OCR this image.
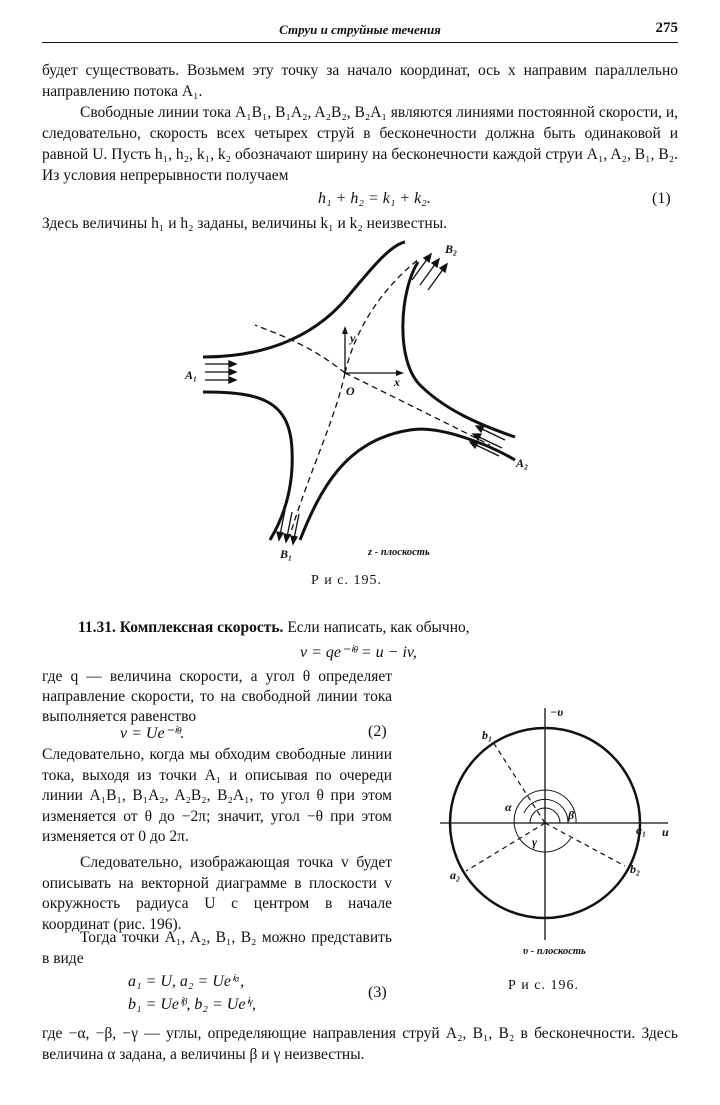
Струи и струйные течения	275

будет существовать. Возьмем эту точку за начало координат, ось x направим параллельно направлению потока A₁.

Свободные линии тока A₁B₁, B₁A₂, A₂B₂, B₂A₁ являются линиями постоянной скорости, и, следовательно, скорость всех четырех струй в бесконечности должна быть одинаковой и равной U. Пусть h₁, h₂, k₁, k₂ обозначают ширину на бесконечности каждой струи A₁, A₂, B₁, B₂. Из условия непрерывности получаем

h₁ + h₂ = k₁ + k₂.	(1)

Здесь величины h₁ и h₂ заданы, величины k₁ и k₂ неизвестны.

A₁
A₂
B₁
B₂
O
x
y
z - плоскость
Р и с. 195.

11.31. Комплексная скорость. Если написать, как обычно,

v = qe⁻ⁱᶿ = u − iv,

где q — величина скорости, а угол θ определяет направление скорости, то на свободной линии тока выполняется равенство

v = Ue⁻ⁱᶿ.	(2)

Следовательно, когда мы обходим свободные линии тока, выходя из точки A₁ и описывая по очереди линии A₁B₁, B₁A₂, A₂B₂, B₂A₁, то угол θ при этом изменяется от θ до −2π; значит, угол −θ при этом изменяется от 0 до 2π.

Следовательно, изображающая точка v будет описывать на векторной диаграмме в плоскости v окружность радиуса U с центром в начале координат (рис. 196).

Тогда точки A₁, A₂, B₁, B₂ можно представить в виде

a₁ = U, a₂ = Ueⁱᵅ,
b₁ = Ueⁱᵝ, b₂ = Ueⁱᵞ,
(3)

где −α, −β, −γ — углы, определяющие направления струй A₂, B₁, B₂ в бесконечности. Здесь величина α задана, а величины β и γ неизвестны.

−υ
u
a₁
a₂
b₁
b₂
α
β
γ
υ - плоскость
Р и с. 196.
